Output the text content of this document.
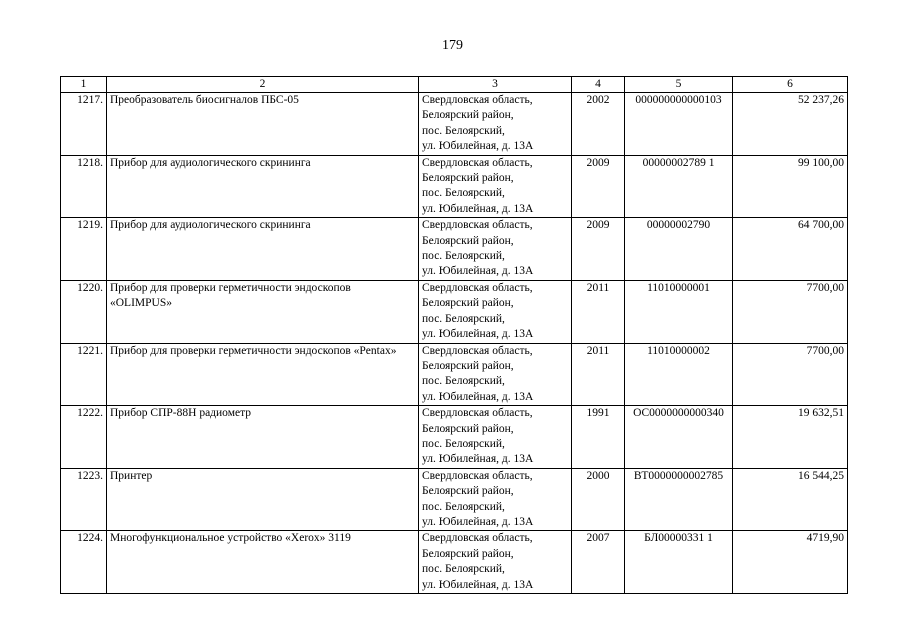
179
1	2	3	4	5	6
1217.	Преобразователь биосигналов ПБС-05	Свердловская область,
Белоярский район,
пос. Белоярский,
ул. Юбилейная, д. 13А	2002	000000000000103	52 237,26
1218.	Прибор для аудиологического скрининга	Свердловская область,
Белоярский район,
пос. Белоярский,
ул. Юбилейная, д. 13А	2009	00000002789 1	99 100,00
1219.	Прибор для аудиологического скрининга	Свердловская область,
Белоярский район,
пос. Белоярский,
ул. Юбилейная, д. 13А	2009	00000002790	64 700,00
1220.	Прибор для проверки герметичности эндоскопов «OLIMPUS»	Свердловская область,
Белоярский район,
пос. Белоярский,
ул. Юбилейная, д. 13А	2011	11010000001	7700,00
1221.	Прибор для проверки герметичности эндоскопов «Pentax»	Свердловская область,
Белоярский район,
пос. Белоярский,
ул. Юбилейная, д. 13А	2011	11010000002	7700,00
1222.	Прибор СПР-88Н радиометр	Свердловская область,
Белоярский район,
пос. Белоярский,
ул. Юбилейная, д. 13А	1991	ОС0000000000340	19 632,51
1223.	Принтер	Свердловская область,
Белоярский район,
пос. Белоярский,
ул. Юбилейная, д. 13А	2000	ВТ0000000002785	16 544,25
1224.	Многофункциональное устройство «Xerox» 3119	Свердловская область,
Белоярский район,
пос. Белоярский,
ул. Юбилейная, д. 13А	2007	БЛ00000331 1	4719,90
